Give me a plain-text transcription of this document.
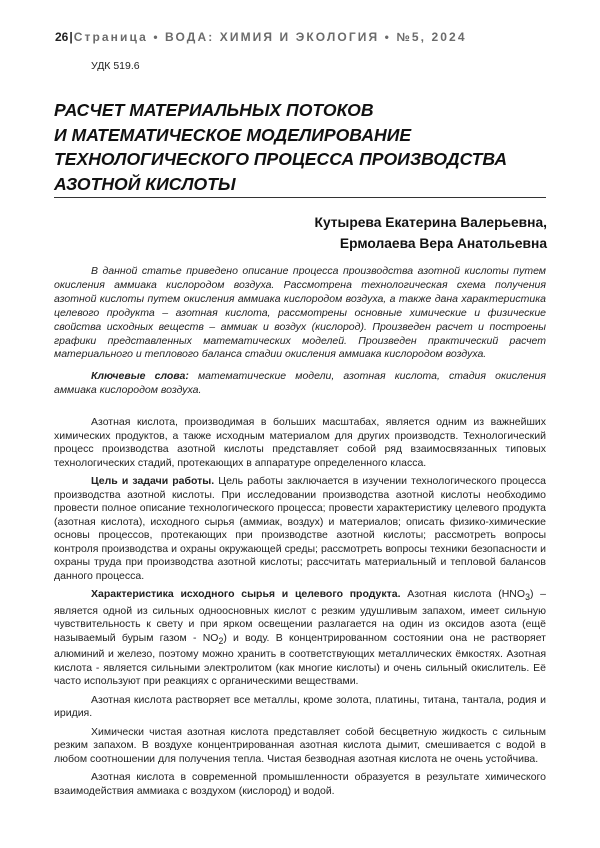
26|Страница • ВОДА: ХИМИЯ И ЭКОЛОГИЯ • №5, 2024
УДК 519.6
РАСЧЕТ МАТЕРИАЛЬНЫХ ПОТОКОВ
И МАТЕМАТИЧЕСКОЕ МОДЕЛИРОВАНИЕ
ТЕХНОЛОГИЧЕСКОГО ПРОЦЕССА ПРОИЗВОДСТВА
АЗОТНОЙ КИСЛОТЫ
Кутырева Екатерина Валерьевна,
Ермолаева Вера Анатольевна

В данной статье приведено описание процесса производства азотной кислоты путем окисления аммиака кислородом воздуха. Рассмотрена технологическая схема получения азотной кислоты путем окисления аммиака кислородом воздуха, а также дана характеристика целевого продукта – азотная кислота, рассмотрены основные химические и физические свойства исходных веществ – аммиак и воздух (кислород). Произведен расчет и построены графики представленных математических моделей. Произведен практический расчет материального и теплового баланса стадии окисления аммиака кислородом воздуха.

Ключевые слова: математические модели, азотная кислота, стадия окисления аммиака кислородом воздуха.

Азотная кислота, производимая в больших масштабах, является одним из важнейших химических продуктов, а также исходным материалом для других производств. Технологический процесс производства азотной кислоты представляет собой ряд взаимосвязанных типовых технологических стадий, протекающих в аппаратуре определенного класса.

Цель и задачи работы. Цель работы заключается в изучении технологического процесса производства азотной кислоты. При исследовании производства азотной кислоты необходимо провести полное описание технологического процесса; провести характеристику целевого продукта (азотная кислота), исходного сырья (аммиак, воздух) и материалов; описать физико-химические основы процессов, протекающих при производстве азотной кислоты; рассмотреть вопросы контроля производства и охраны окружающей среды; рассмотреть вопросы техники безопасности и охраны труда при производства азотной кислоты; рассчитать материальный и тепловой балансов данного процесса.

Характеристика исходного сырья и целевого продукта. Азотная кислота $(HNO_3)$ – является одной из сильных одноосновных кислот с резким удушливым запахом, имеет сильную чувствительность к свету и при ярком освещении разлагается на один из оксидов азота (ещё называемый бурым газом - $NO_2$) и воду. В концентрированном состоянии она не растворяет алюминий и железо, поэтому можно хранить в соответствующих металлических ёмкостях. Азотная кислота - является сильными электролитом (как многие кислоты) и очень сильный окислитель. Её часто используют при реакциях с органическими веществами.

Азотная кислота растворяет все металлы, кроме золота, платины, титана, тантала, родия и иридия.

Химически чистая азотная кислота представляет собой бесцветную жидкость с сильным резким запахом. В воздухе концентрированная азотная кислота дымит, смешивается с водой в любом соотношении для получения тепла. Чистая безводная азотная кислота не очень устойчива.

Азотная кислота в современной промышленности образуется в результате химического взаимодействия аммиака с воздухом (кислород) и водой.
